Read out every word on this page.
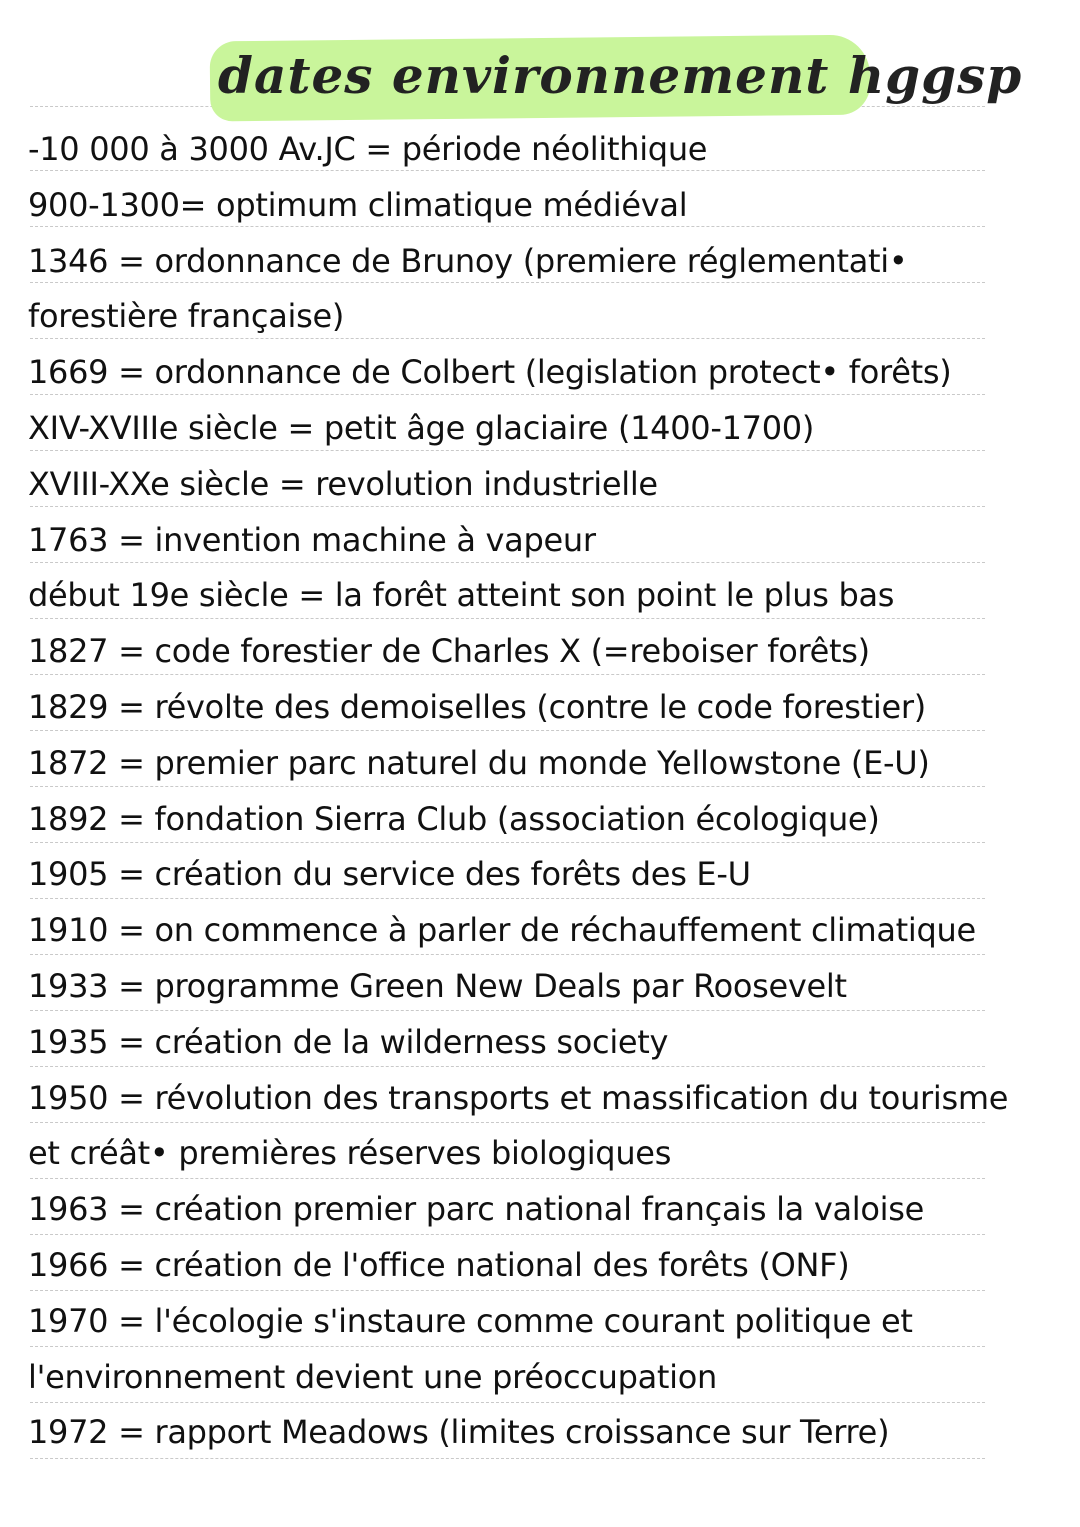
dates environnement hggsp
-10 000 à 3000 Av.JC = période néolithique
900-1300= optimum climatique médiéval
1346 = ordonnance de Brunoy (premiere réglementati•
forestière française)
1669 = ordonnance de Colbert (legislation protect• forêts)
XIV-XVIIIe siècle = petit âge glaciaire (1400-1700)
XVIII-XXe siècle = revolution industrielle
1763 = invention machine à vapeur
début 19e siècle = la forêt atteint son point le plus bas
1827 = code forestier de Charles X (=reboiser forêts)
1829 = révolte des demoiselles (contre le code forestier)
1872 = premier parc naturel du monde Yellowstone (E-U)
1892 = fondation Sierra Club (association écologique)
1905 = création du service des forêts des E-U
1910 = on commence à parler de réchauffement climatique
1933 = programme Green New Deals par Roosevelt
1935 = création de la wilderness society
1950 = révolution des transports et massification du tourisme
et créât• premières réserves biologiques
1963 = création premier parc national français la valoise
1966 = création de l'office national des forêts (ONF)
1970 = l'écologie s'instaure comme courant politique et
l'environnement devient une préoccupation
1972 = rapport Meadows (limites croissance sur Terre)
